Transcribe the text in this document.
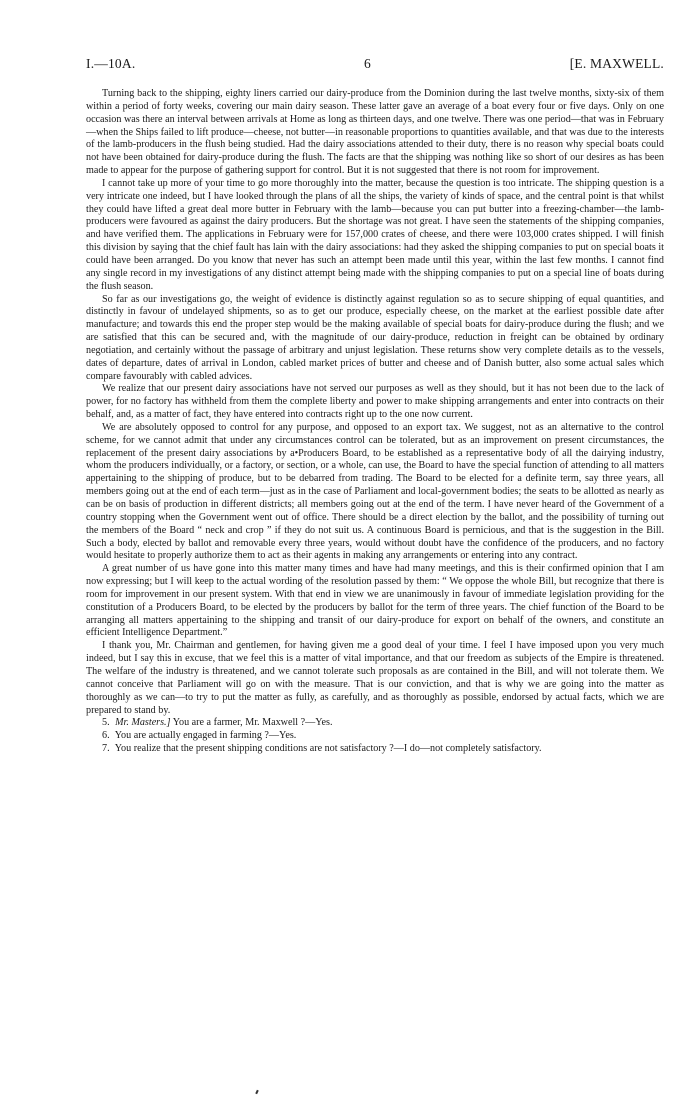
I.—10A.	6	[E. MAXWELL.

Turning back to the shipping, eighty liners carried our dairy-produce from the Dominion during the last twelve months, sixty-six of them within a period of forty weeks, covering our main dairy season. These latter gave an average of a boat every four or five days. Only on one occasion was there an interval between arrivals at Home as long as thirteen days, and one twelve. There was one period—that was in February—when the Ships failed to lift produce—cheese, not butter—in reasonable proportions to quantities available, and that was due to the interests of the lamb-producers in the flush being studied. Had the dairy associations attended to their duty, there is no reason why special boats could not have been obtained for dairy-produce during the flush. The facts are that the shipping was nothing like so short of our desires as has been made to appear for the purpose of gathering support for control. But it is not suggested that there is not room for improvement.

I cannot take up more of your time to go more thoroughly into the matter, because the question is too intricate. The shipping question is a very intricate one indeed, but I have looked through the plans of all the ships, the variety of kinds of space, and the central point is that whilst they could have lifted a great deal more butter in February with the lamb—because you can put butter into a freezing-chamber—the lamb-producers were favoured as against the dairy producers. But the shortage was not great. I have seen the statements of the shipping companies, and have verified them. The applications in February were for 157,000 crates of cheese, and there were 103,000 crates shipped. I will finish this division by saying that the chief fault has lain with the dairy associations: had they asked the shipping companies to put on special boats it could have been arranged. Do you know that never has such an attempt been made until this year, within the last few months. I cannot find any single record in my investigations of any distinct attempt being made with the shipping companies to put on a special line of boats during the flush season.

So far as our investigations go, the weight of evidence is distinctly against regulation so as to secure shipping of equal quantities, and distinctly in favour of undelayed shipments, so as to get our produce, especially cheese, on the market at the earliest possible date after manufacture; and towards this end the proper step would be the making available of special boats for dairy-produce during the flush; and we are satisfied that this can be secured and, with the magnitude of our dairy-produce, reduction in freight can be obtained by ordinary negotiation, and certainly without the passage of arbitrary and unjust legislation. These returns show very complete details as to the vessels, dates of departure, dates of arrival in London, cabled market prices of butter and cheese and of Danish butter, also some actual sales which compare favourably with cabled advices.

We realize that our present dairy associations have not served our purposes as well as they should, but it has not been due to the lack of power, for no factory has withheld from them the complete liberty and power to make shipping arrangements and enter into contracts on their behalf, and, as a matter of fact, they have entered into contracts right up to the one now current.

We are absolutely opposed to control for any purpose, and opposed to an export tax. We suggest, not as an alternative to the control scheme, for we cannot admit that under any circumstances control can be tolerated, but as an improvement on present circumstances, the replacement of the present dairy associations by a•Producers Board, to be established as a representative body of all the dairying industry, whom the producers individually, or a factory, or section, or a whole, can use, the Board to have the special function of attending to all matters appertaining to the shipping of produce, but to be debarred from trading. The Board to be elected for a definite term, say three years, all members going out at the end of each term—just as in the case of Parliament and local-government bodies; the seats to be allotted as nearly as can be on basis of production in different districts; all members going out at the end of the term. I have never heard of the Government of a country stopping when the Government went out of office. There should be a direct election by the ballot, and the possibility of turning out the members of the Board “ neck and crop ” if they do not suit us. A continuous Board is pernicious, and that is the suggestion in the Bill. Such a body, elected by ballot and removable every three years, would without doubt have the confidence of the producers, and no factory would hesitate to properly authorize them to act as their agents in making any arrangements or entering into any contract.

A great number of us have gone into this matter many times and have had many meetings, and this is their confirmed opinion that I am now expressing; but I will keep to the actual wording of the resolution passed by them: “ We oppose the whole Bill, but recognize that there is room for improvement in our present system. With that end in view we are unanimously in favour of immediate legislation providing for the constitution of a Producers Board, to be elected by the producers by ballot for the term of three years. The chief function of the Board to be arranging all matters appertaining to the shipping and transit of our dairy-produce for export on behalf of the owners, and constitute an efficient Intelligence Department.”

I thank you, Mr. Chairman and gentlemen, for having given me a good deal of your time. I feel I have imposed upon you very much indeed, but I say this in excuse, that we feel this is a matter of vital importance, and that our freedom as subjects of the Empire is threatened. The welfare of the industry is threatened, and we cannot tolerate such proposals as are contained in the Bill, and will not tolerate them. We cannot conceive that Parliament will go on with the measure. That is our conviction, and that is why we are going into the matter as thoroughly as we can—to try to put the matter as fully, as carefully, and as thoroughly as possible, endorsed by actual facts, which we are prepared to stand by.

5. Mr. Masters.] You are a farmer, Mr. Maxwell ?—Yes.

6. You are actually engaged in farming ?—Yes.

7. You realize that the present shipping conditions are not satisfactory ?—I do—not completely satisfactory.
